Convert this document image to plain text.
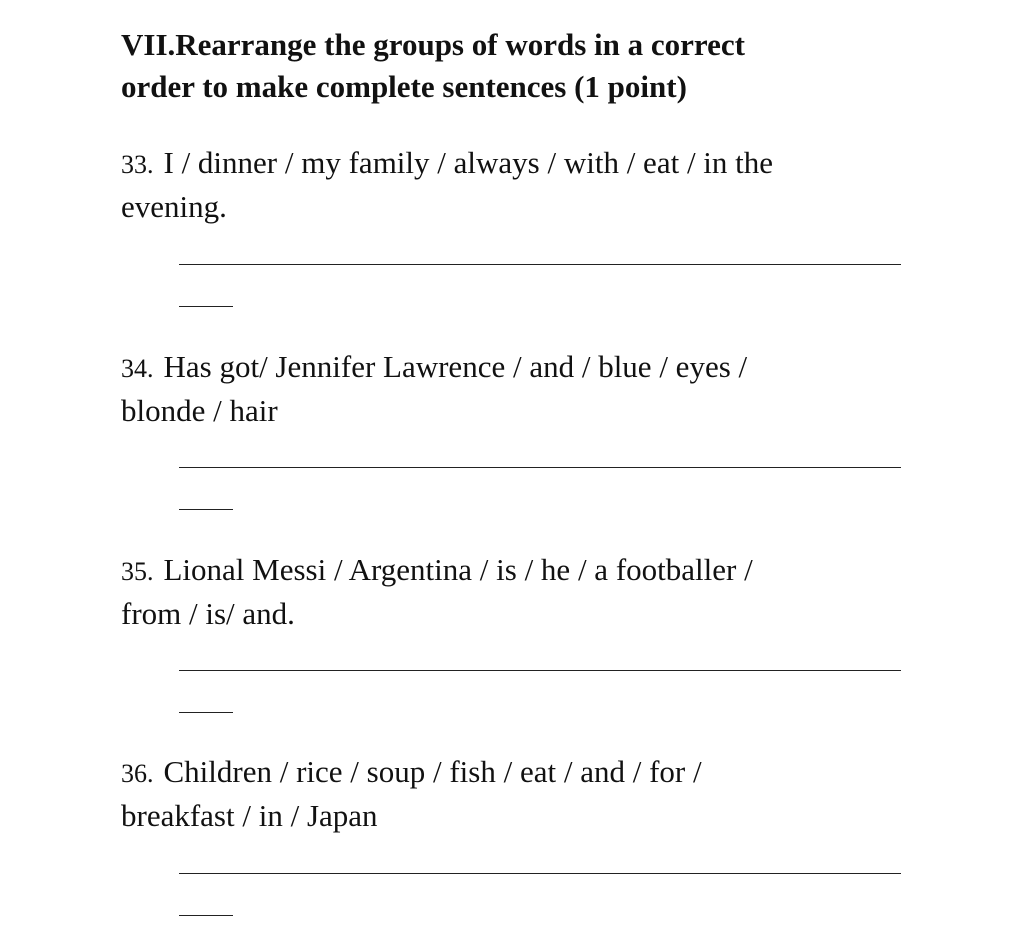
VII.Rearrange the groups of words in a correct
order to make complete sentences (1 point)
33. I / dinner / my family / always / with / eat / in the
evening.
34. Has got/ Jennifer Lawrence / and / blue / eyes /
blonde / hair
35. Lional Messi / Argentina / is / he / a footballer /
from / is/ and.
36. Children / rice / soup / fish / eat / and / for /
breakfast / in / Japan
